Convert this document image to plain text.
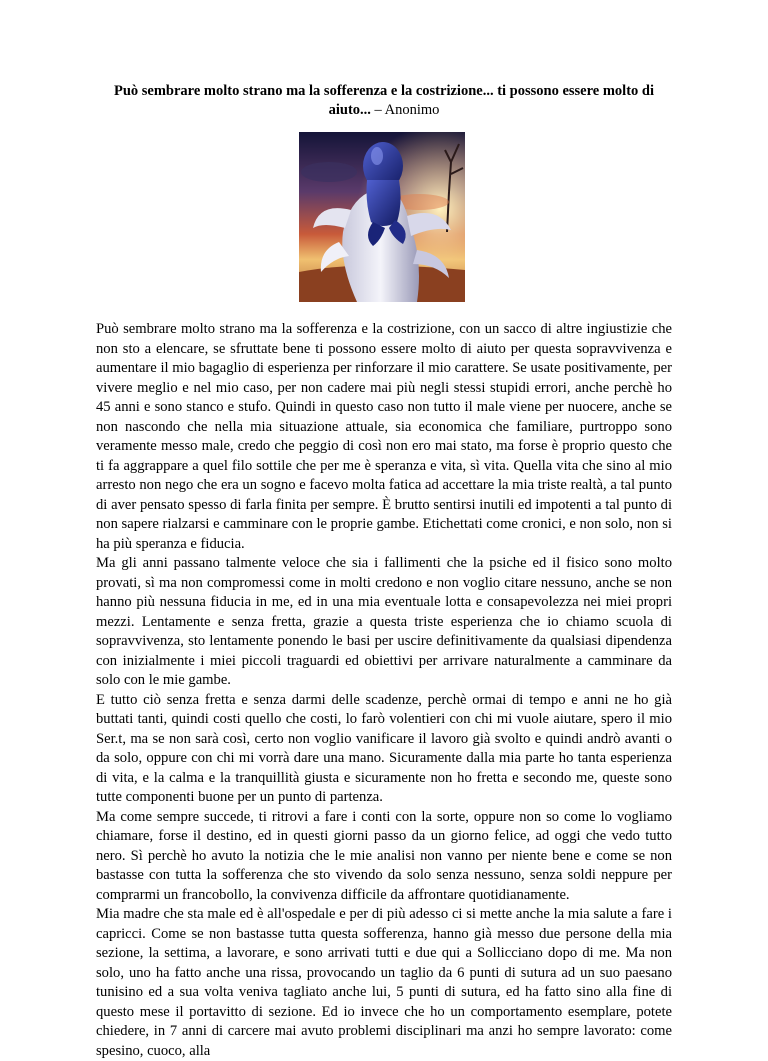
Può sembrare molto strano ma la sofferenza e la costrizione... ti possono essere molto di aiuto... – Anonimo

Può sembrare molto strano ma la sofferenza e la costrizione, con un sacco di altre ingiustizie che non sto a elencare, se sfruttate bene ti possono essere molto di aiuto per questa sopravvivenza e aumentare il mio bagaglio di esperienza per rinforzare il mio carattere. Se usate positivamente, per vivere meglio e nel mio caso, per non cadere mai più negli stessi stupidi errori, anche perchè ho 45 anni e sono stanco e stufo. Quindi in questo caso non tutto il male viene per nuocere, anche se non nascondo che nella mia situazione attuale, sia economica che familiare, purtroppo sono veramente messo male, credo che peggio di così non ero mai stato, ma forse è proprio questo che ti fa aggrappare a quel filo sottile che per me è speranza e vita, sì vita. Quella vita che sino al mio arresto non nego che era un sogno e facevo molta fatica ad accettare la mia triste realtà, a tal punto di aver pensato spesso di farla finita per sempre. È brutto sentirsi inutili ed impotenti a tal punto di non sapere rialzarsi e camminare con le proprie gambe. Etichettati come cronici, e non solo, non si ha più speranza e fiducia.

Ma gli anni passano talmente veloce che sia i fallimenti che la psiche ed il fisico sono molto provati, sì ma non compromessi come in molti credono e non voglio citare nessuno, anche se non hanno più nessuna fiducia in me, ed in una mia eventuale lotta e consapevolezza nei miei propri mezzi. Lentamente e senza fretta, grazie a questa triste esperienza che io chiamo scuola di sopravvivenza, sto lentamente ponendo le basi per uscire definitivamente da qualsiasi dipendenza con inizialmente i miei piccoli traguardi ed obiettivi per arrivare naturalmente a camminare da solo con le mie gambe.

E tutto ciò senza fretta e senza darmi delle scadenze, perchè ormai di tempo e anni ne ho già buttati tanti, quindi costi quello che costi, lo farò volentieri con chi mi vuole aiutare, spero il mio Ser.t, ma se non sarà così, certo non voglio vanificare il lavoro già svolto e quindi andrò avanti o da solo, oppure con chi mi vorrà dare una mano. Sicuramente dalla mia parte ho tanta esperienza di vita, e la calma e la tranquillità giusta e sicuramente non ho fretta e secondo me, queste sono tutte componenti buone per un punto di partenza.

Ma come sempre succede, ti ritrovi a fare i conti con la sorte, oppure non so come lo vogliamo chiamare, forse il destino, ed in questi giorni passo da un giorno felice, ad oggi che vedo tutto nero. Sì perchè ho avuto la notizia che le mie analisi non vanno per niente bene e come se non bastasse con tutta la sofferenza che sto vivendo da solo senza nessuno, senza soldi neppure per comprarmi un francobollo, la convivenza difficile da affrontare quotidianamente.

Mia madre che sta male ed è all'ospedale e per di più adesso ci si mette anche la mia salute a fare i capricci. Come se non bastasse tutta questa sofferenza, hanno già messo due persone della mia sezione, la settima, a lavorare, e sono arrivati tutti e due qui a Sollicciano dopo di me. Ma non solo, uno ha fatto anche una rissa, provocando un taglio da 6 punti di sutura ad un suo paesano tunisino ed a sua volta veniva tagliato anche lui, 5 punti di sutura, ed ha fatto sino alla fine di questo mese il portavitto di sezione. Ed io invece che ho un comportamento esemplare, potete chiedere, in 7 anni di carcere mai avuto problemi disciplinari ma anzi ho sempre lavorato: come spesino, cuoco, alla
